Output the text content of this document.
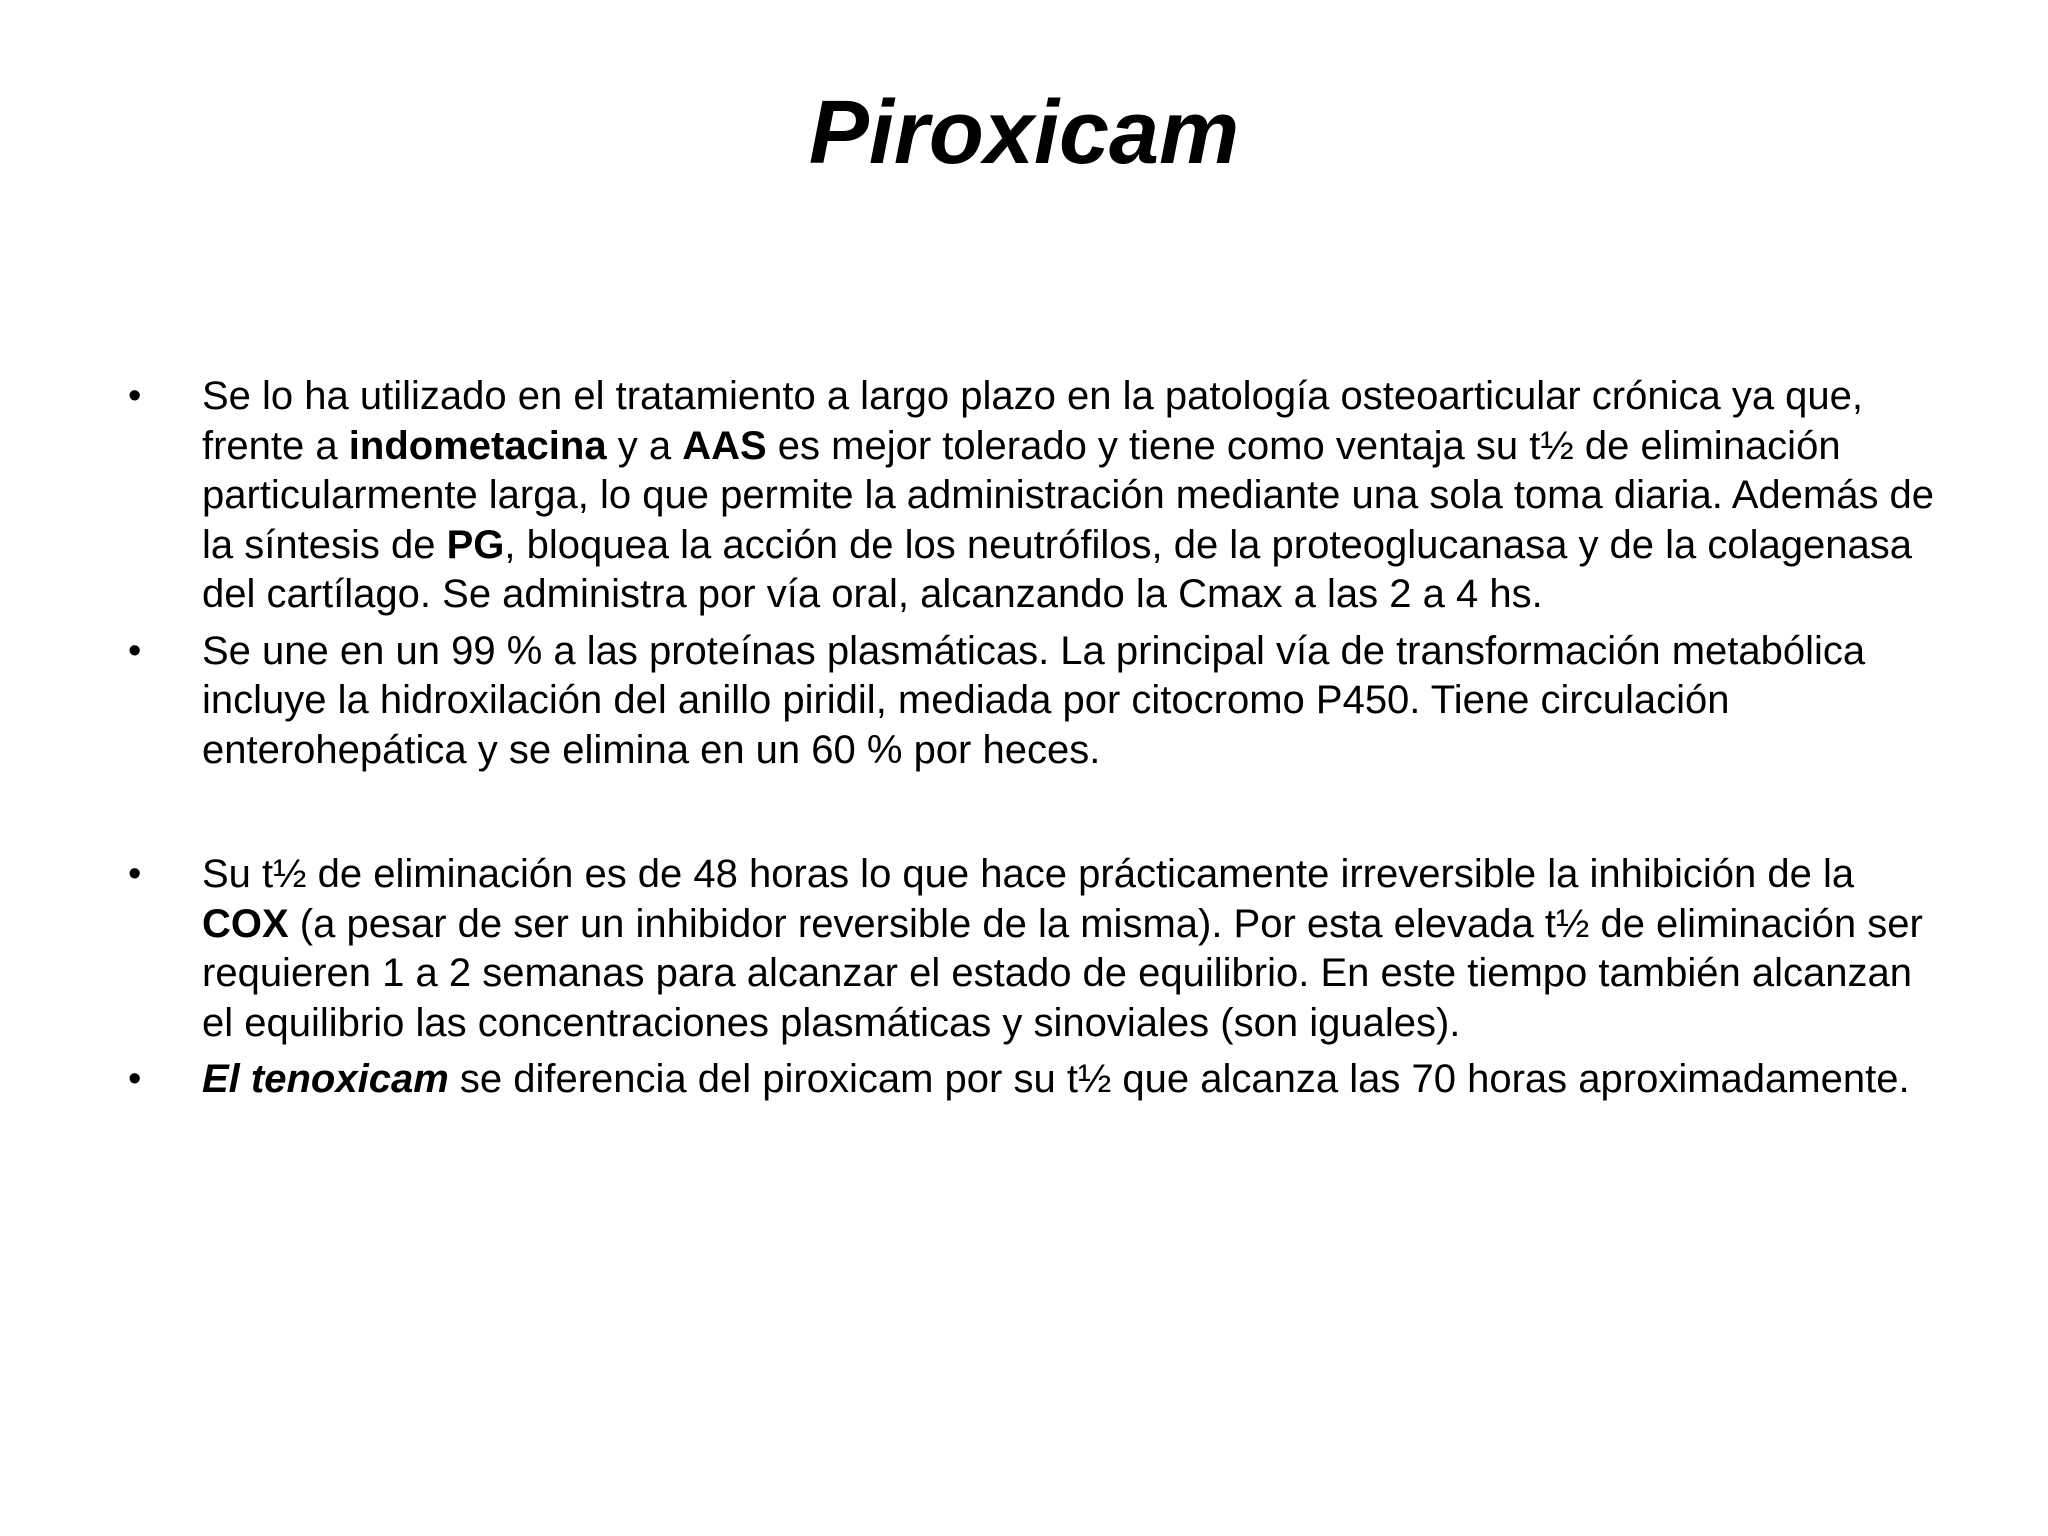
Piroxicam
• Se lo ha utilizado en el tratamiento a largo plazo en la patología osteoarticular crónica ya que, frente a indometacina y a AAS es mejor tolerado y tiene como ventaja su t½ de eliminación particularmente larga, lo que permite la administración mediante una sola toma diaria. Además de la síntesis de PG, bloquea la acción de los neutrófilos, de la proteoglucanasa y de la colagenasa del cartílago. Se administra por vía oral, alcanzando la Cmax a las 2 a 4 hs.
• Se une en un 99 % a las proteínas plasmáticas. La principal vía de transformación metabólica incluye la hidroxilación del anillo piridil, mediada por citocromo P450. Tiene circulación enterohepática y se elimina en un 60 % por heces.
• Su t½ de eliminación es de 48 horas lo que hace prácticamente irreversible la inhibición de la COX (a pesar de ser un inhibidor reversible de la misma). Por esta elevada t½ de eliminación ser requieren 1 a 2 semanas para alcanzar el estado de equilibrio. En este tiempo también alcanzan el equilibrio las concentraciones plasmáticas y sinoviales (son iguales).
• El tenoxicam se diferencia del piroxicam por su t½ que alcanza las 70 horas aproximadamente.
